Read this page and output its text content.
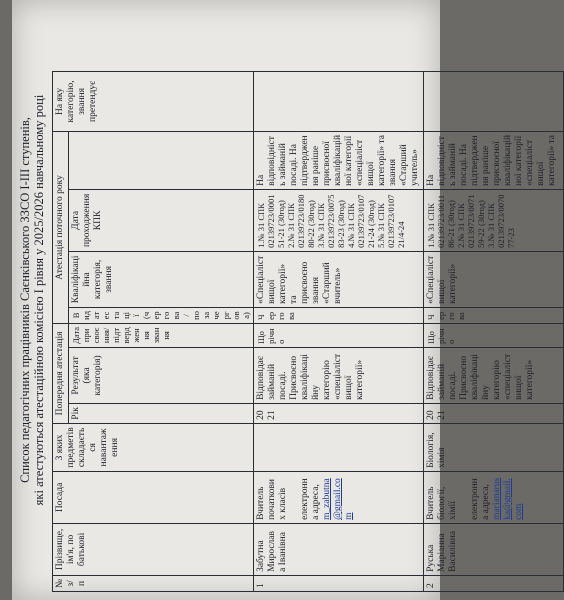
Список педагогічних працівників Саєнківського ЗЗСО І-ІІІ ступенів, які атестуються атестаційною комісією І рівня у 2025/2026 навчальному році
№ з/п	Прізвище, ім'я, по батькові	Посада	З яких предметів складається навантаження	Попередня атестація			Атестація поточного року				На яку категорію, звання претендує
				Рік	Результат (яка категорія)	Дата присвоєння/підтвердження звання	Вид атестації (чергова/позачергова)	Кваліфікаційна категорія, звання	Дата проходження КПК		
1	Забутна Мирослава Іванівна	Вчитель початкових класів електронна адреса, m_zabutna@gmail.com		2021	Відповідає займаній посаді. Присвоєно кваліфікаційну категорію «спеціаліст вищої категорії»	Щорічно	Чергова	«Спеціаліст вищої категорії» та присвоєно звання «Старший вчитель»	1.№ 31 СПК 02139723/000151-21 (30год) 2.№ 31 СПК 02139723/018080-22 (30год) 3.№ 31 СПК 02139723/007583-23 (30год) 4.№ 31 СПК 02139723/010721-24 (30год) 5.№ 31 СПК 02139723/010721/4-24	На відповідність займаній посаді. На підтвердження раніше присвоєної кваліфікаційної категорії «спеціаліст вищої категорії» та звання «Старший учитель»	
2	Руська Маріанна Василівна	Вчитель біології, хімії електронна адреса, marianaruska@gmail.com	Біологія, хімія	2021	Відповідає займаній посаді. Присвоєно кваліфікаційну категорію «спеціаліст вищої категорії»	Щорічно	Чергова	«Спеціаліст вищої категорії»	1.№ 31 СПК 02139723/001186-21 (30год) 2.№ 31 СПК 02139723/007159-22 (30год) 3.№ 31 СПК 02139723/007077-23	На відповідність займаній посаді. На підтвердження раніше присвоєної кваліфікаційної категорії «спеціаліст вищої категорії» та	
